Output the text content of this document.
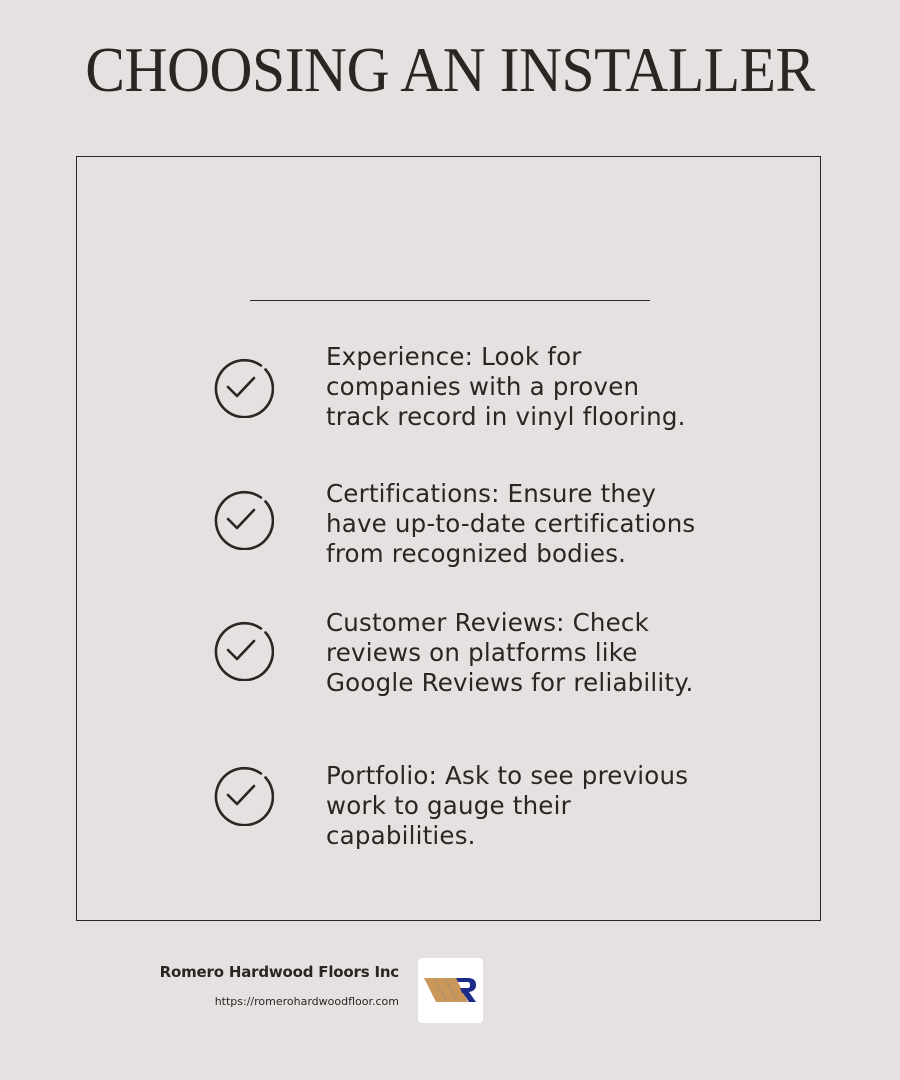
CHOOSING AN INSTALLER
Experience: Look for
companies with a proven
track record in vinyl flooring.
Certifications: Ensure they
have up-to-date certifications
from recognized bodies.
Customer Reviews: Check
reviews on platforms like
Google Reviews for reliability.
Portfolio: Ask to see previous
work to gauge their
capabilities.
Romero Hardwood Floors Inc
https://romerohardwoodfloor.com
